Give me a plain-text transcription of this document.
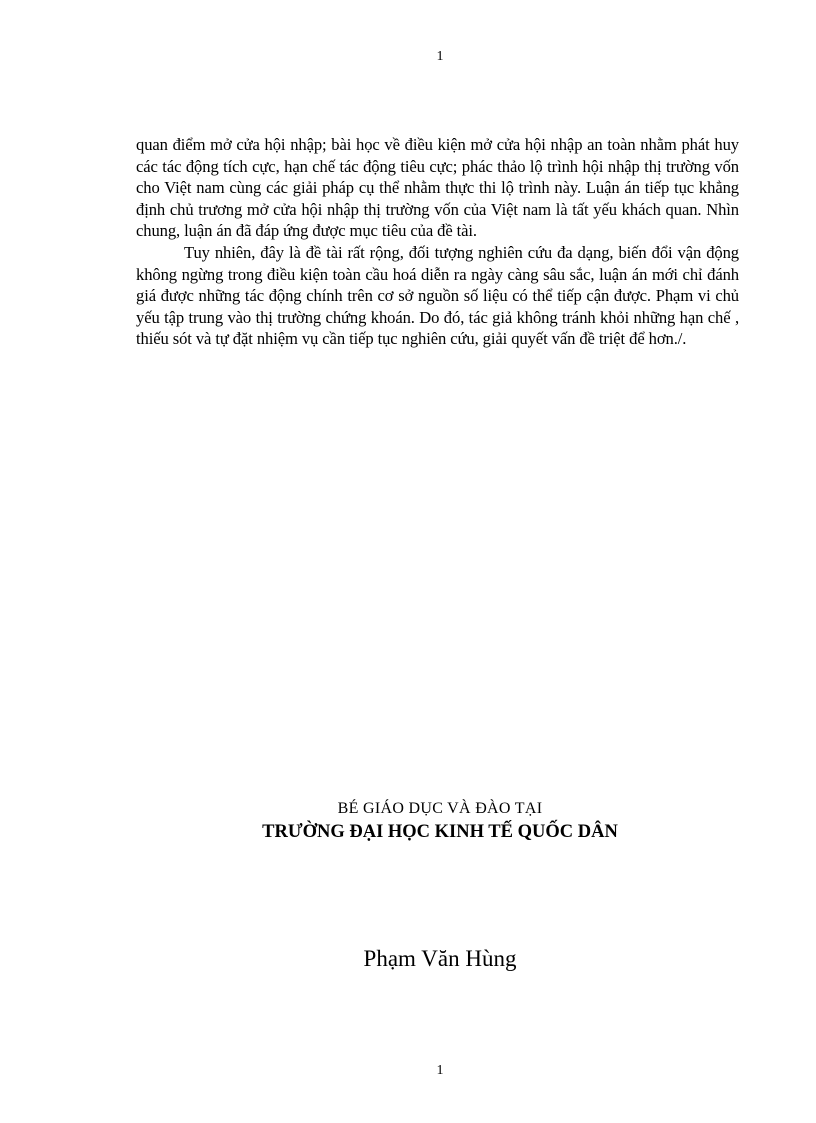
1

quan điểm mở cửa hội nhập; bài học về điều kiện mở cửa hội nhập an toàn nhằm phát huy các tác động tích cực, hạn chế tác động tiêu cực; phác thảo lộ trình hội nhập thị trường vốn cho Việt nam cùng các giải pháp cụ thể nhằm thực thi lộ trình này. Luận án tiếp tục khẳng định chủ trương mở cửa hội nhập thị trường vốn của Việt nam là tất yếu khách quan. Nhìn chung, luận án đã đáp ứng được mục tiêu của đề tài.

Tuy nhiên, đây là đề tài rất rộng, đối tượng nghiên cứu đa dạng, biến đổi vận động không ngừng trong điều kiện toàn cầu hoá diễn ra ngày càng sâu sắc, luận án mới chỉ đánh giá được những tác động chính trên cơ sở nguồn số liệu có thể tiếp cận được. Phạm vi chủ yếu tập trung vào thị trường chứng khoán. Do đó, tác giả không tránh khỏi những hạn chế , thiếu sót và tự đặt nhiệm vụ cần tiếp tục nghiên cứu, giải quyết vấn đề triệt để hơn./.

BÉ GIÁO DỤC VÀ ĐÀO TẠI
TRƯỜNG ĐẠI HỌC KINH TẾ QUỐC DÂN
Phạm Văn Hùng
1
